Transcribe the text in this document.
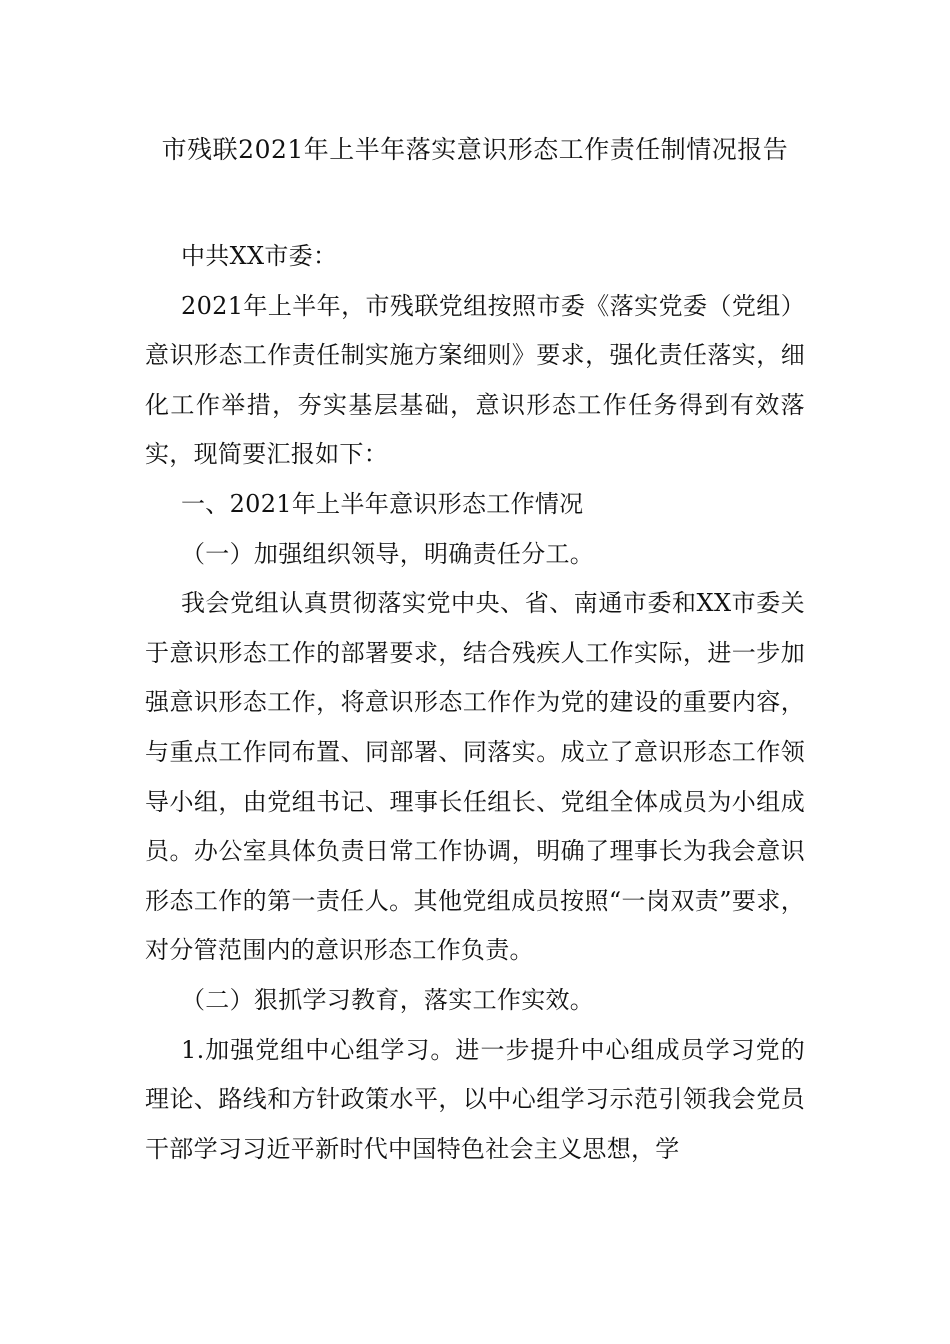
市残联2021年上半年落实意识形态工作责任制情况报告

中共XX市委：

2021年上半年，市残联党组按照市委《落实党委（党组）意识形态工作责任制实施方案细则》要求，强化责任落实，细化工作举措，夯实基层基础，意识形态工作任务得到有效落实，现简要汇报如下：

一、2021年上半年意识形态工作情况

（一）加强组织领导，明确责任分工。

我会党组认真贯彻落实党中央、省、南通市委和XX市委关于意识形态工作的部署要求，结合残疾人工作实际，进一步加强意识形态工作，将意识形态工作作为党的建设的重要内容，与重点工作同布置、同部署、同落实。成立了意识形态工作领导小组，由党组书记、理事长任组长、党组全体成员为小组成员。办公室具体负责日常工作协调，明确了理事长为我会意识形态工作的第一责任人。其他党组成员按照“一岗双责”要求，对分管范围内的意识形态工作负责。

（二）狠抓学习教育，落实工作实效。

1.加强党组中心组学习。进一步提升中心组成员学习党的理论、路线和方针政策水平，以中心组学习示范引领我会党员干部学习习近平新时代中国特色社会主义思想，学
